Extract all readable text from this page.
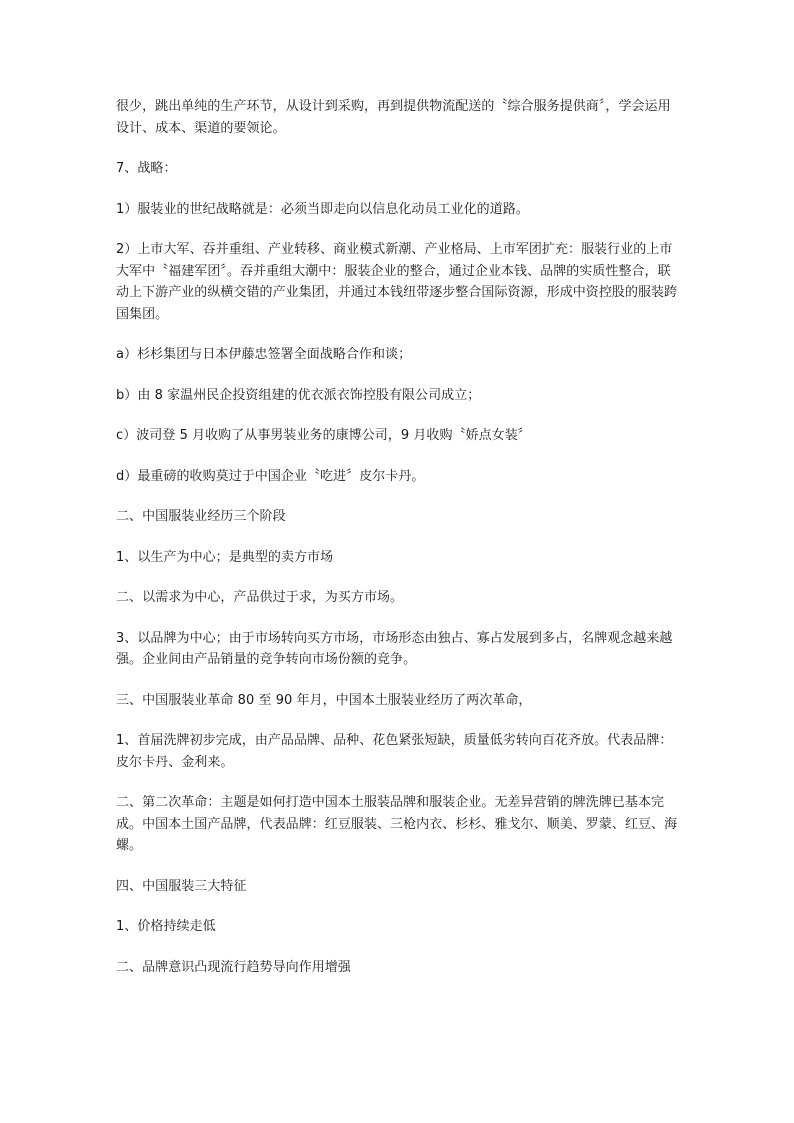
很少，跳出单纯的生产环节，从设计到采购，再到提供物流配送的〝综合服务提供商〞，学会运用设计、成本、渠道的要领论。

7、战略：

1）服装业的世纪战略就是：必须当即走向以信息化动员工业化的道路。

2）上市大军、吞并重组、产业转移、商业模式新潮、产业格局、上市军团扩充：服装行业的上市大军中〝福建军团〞。吞并重组大潮中：服装企业的整合，通过企业本钱、品牌的实质性整合，联动上下游产业的纵横交错的产业集团，并通过本钱纽带逐步整合国际资源，形成中资控股的服装跨国集团。

a）杉杉集团与日本伊藤忠签署全面战略合作和谈；

b）由 8 家温州民企投资组建的优衣派衣饰控股有限公司成立；

c）波司登 5 月收购了从事男装业务的康博公司，9 月收购〝娇点女装〞

d）最重磅的收购莫过于中国企业〝吃进〞皮尔卡丹。

二、中国服装业经历三个阶段

1、以生产为中心；是典型的卖方市场

二、以需求为中心，产品供过于求，为买方市场。

3、以品牌为中心；由于市场转向买方市场，市场形态由独占、寡占发展到多占，名牌观念越来越强。企业间由产品销量的竞争转向市场份额的竞争。

三、中国服装业革命 80 至 90 年月，中国本土服装业经历了两次革命，

1、首届洗牌初步完成，由产品品牌、品种、花色紧张短缺，质量低劣转向百花齐放。代表品牌：皮尔卡丹、金利来。

二、第二次革命：主题是如何打造中国本土服装品牌和服装企业。无差异营销的牌洗牌已基本完成。中国本土国产品牌，代表品牌：红豆服装、三枪内衣、杉杉、雅戈尔、顺美、罗蒙、红豆、海螺。

四、中国服装三大特征

1、价格持续走低

二、品牌意识凸现流行趋势导向作用增强
